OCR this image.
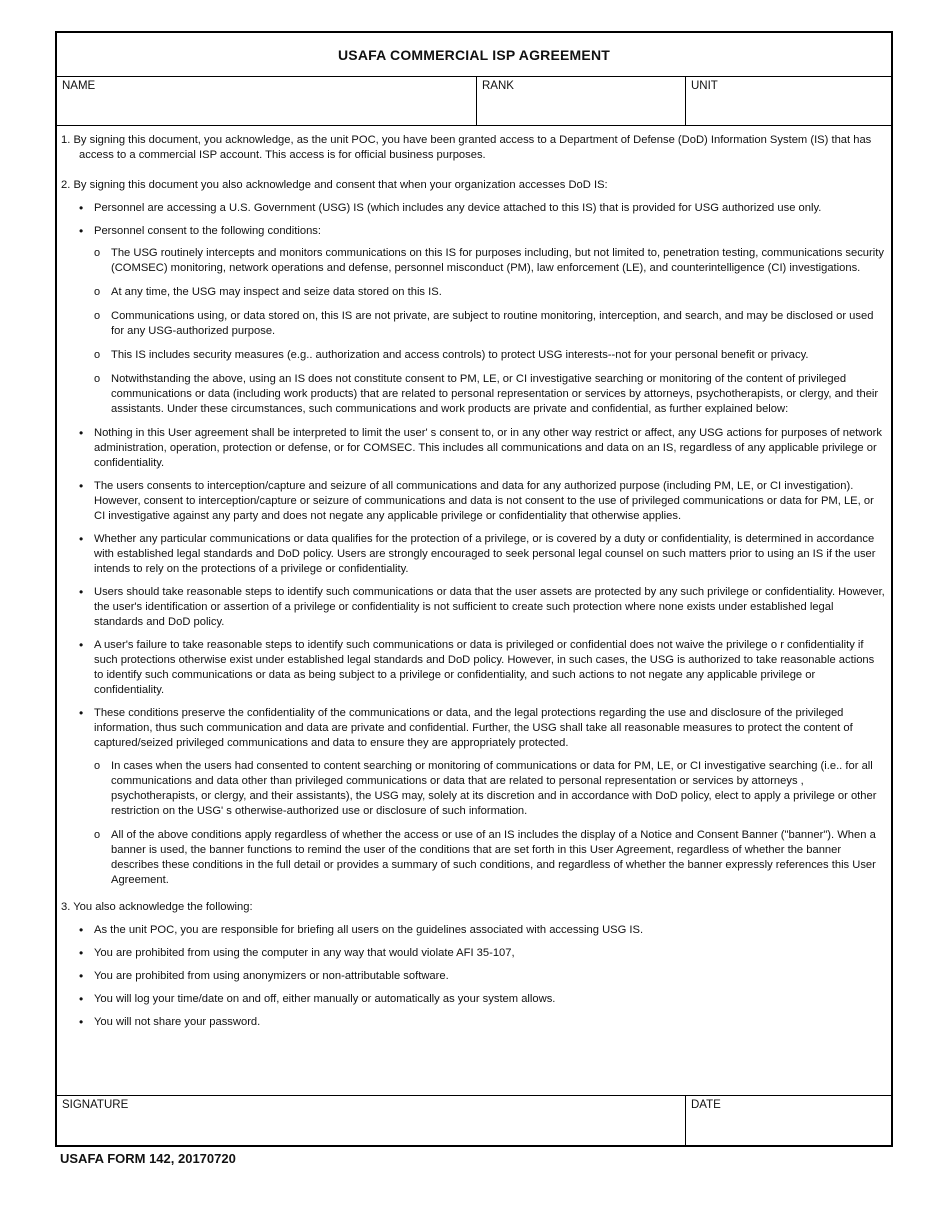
USAFA COMMERCIAL ISP AGREEMENT
NAME	RANK	UNIT

1. By signing this document, you acknowledge, as the unit POC, you have been granted access to a Department of Defense (DoD) Information System (IS) that has access to a commercial ISP account. This access is for official business purposes.

2. By signing this document you also acknowledge and consent that when your organization accesses DoD IS:

• Personnel are accessing a U.S. Government (USG) IS (which includes any device attached to this IS) that is provided for USG authorized use only.
• Personnel consent to the following conditions:
o The USG routinely intercepts and monitors communications on this IS for purposes including, but not limited to, penetration testing, communications security (COMSEC) monitoring, network operations and defense, personnel misconduct (PM), law enforcement (LE), and counterintelligence (CI) investigations.
o At any time, the USG may inspect and seize data stored on this IS.
o Communications using, or data stored on, this IS are not private, are subject to routine monitoring, interception, and search, and may be disclosed or used for any USG-authorized purpose.
o This IS includes security measures (e.g.. authorization and access controls) to protect USG interests--not for your personal benefit or privacy.
o Notwithstanding the above, using an IS does not constitute consent to PM, LE, or CI investigative searching or monitoring of the content of privileged communications or data (including work products) that are related to personal representation or services by attorneys, psychotherapists, or clergy, and their assistants. Under these circumstances, such communications and work products are private and confidential, as further explained below:
• Nothing in this User agreement shall be interpreted to limit the user' s consent to, or in any other way restrict or affect, any USG actions for purposes of network administration, operation, protection or defense, or for COMSEC. This includes all communications and data on an IS, regardless of any applicable privilege or confidentiality.
• The users consents to interception/capture and seizure of all communications and data for any authorized purpose (including PM, LE, or CI investigation). However, consent to interception/capture or seizure of communications and data is not consent to the use of privileged communications or data for PM, LE, or CI investigative against any party and does not negate any applicable privilege or confidentiality that otherwise applies.
• Whether any particular communications or data qualifies for the protection of a privilege, or is covered by a duty or confidentiality, is determined in accordance with established legal standards and DoD policy. Users are strongly encouraged to seek personal legal counsel on such matters prior to using an IS if the user intends to rely on the protections of a privilege or confidentiality.
• Users should take reasonable steps to identify such communications or data that the user assets are protected by any such privilege or confidentiality. However, the user's identification or assertion of a privilege or confidentiality is not sufficient to create such protection where none exists under established legal standards and DoD policy.
• A user's failure to take reasonable steps to identify such communications or data is privileged or confidential does not waive the privilege o r confidentiality if such protections otherwise exist under established legal standards and DoD policy. However, in such cases, the USG is authorized to take reasonable actions to identify such communications or data as being subject to a privilege or confidentiality, and such actions to not negate any applicable privilege or confidentiality.
• These conditions preserve the confidentiality of the communications or data, and the legal protections regarding the use and disclosure of the privileged information, thus such communication and data are private and confidential. Further, the USG shall take all reasonable measures to protect the content of captured/seized privileged communications and data to ensure they are appropriately protected.
o In cases when the users had consented to content searching or monitoring of communications or data for PM, LE, or CI investigative searching (i.e.. for all communications and data other than privileged communications or data that are related to personal representation or services by attorneys , psychotherapists, or clergy, and their assistants), the USG may, solely at its discretion and in accordance with DoD policy, elect to apply a privilege or other restriction on the USG' s otherwise-authorized use or disclosure of such information.
o All of the above conditions apply regardless of whether the access or use of an IS includes the display of a Notice and Consent Banner ("banner"). When a banner is used, the banner functions to remind the user of the conditions that are set forth in this User Agreement, regardless of whether the banner describes these conditions in the full detail or provides a summary of such conditions, and regardless of whether the banner expressly references this User Agreement.

3. You also acknowledge the following:

• As the unit POC, you are responsible for briefing all users on the guidelines associated with accessing USG IS.
• You are prohibited from using the computer in any way that would violate AFI 35-107,
• You are prohibited from using anonymizers or non-attributable software.
• You will log your time/date on and off, either manually or automatically as your system allows.
• You will not share your password.
SIGNATURE	DATE
USAFA FORM 142, 20170720
